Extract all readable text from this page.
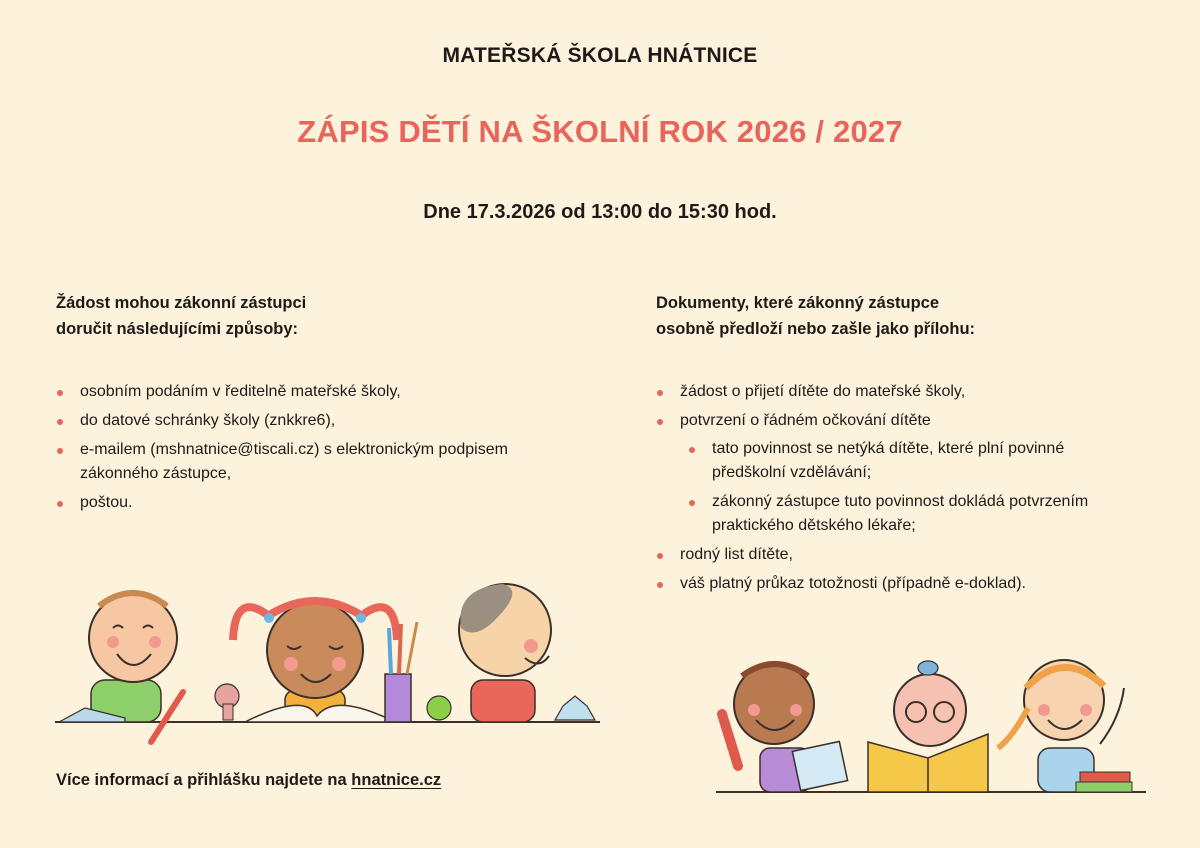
MATEŘSKÁ ŠKOLA HNÁTNICE
ZÁPIS DĚTÍ NA ŠKOLNÍ ROK 2026 / 2027
Dne 17.3.2026 od 13:00 do 15:30 hod.
Žádost mohou zákonní zástupci
doručit následujícími způsoby:
osobním podáním v ředitelně mateřské školy,
do datové schránky školy (znkkre6),
e-mailem (mshnatnice@tiscali.cz) s elektronickým podpisem zákonného zástupce,
poštou.
Dokumenty, které zákonný zástupce
osobně předloží nebo zašle jako přílohu:
žádost o přijetí dítěte do mateřské školy,
potvrzení o řádném očkování dítěte
tato povinnost se netýká dítěte, které plní povinné předškolní vzdělávání;
zákonný zástupce tuto povinnost dokládá potvrzením praktického dětského lékaře;
rodný list dítěte,
váš platný průkaz totožnosti (případně e-doklad).
Více informací a přihlášku najdete na hnatnice.cz
